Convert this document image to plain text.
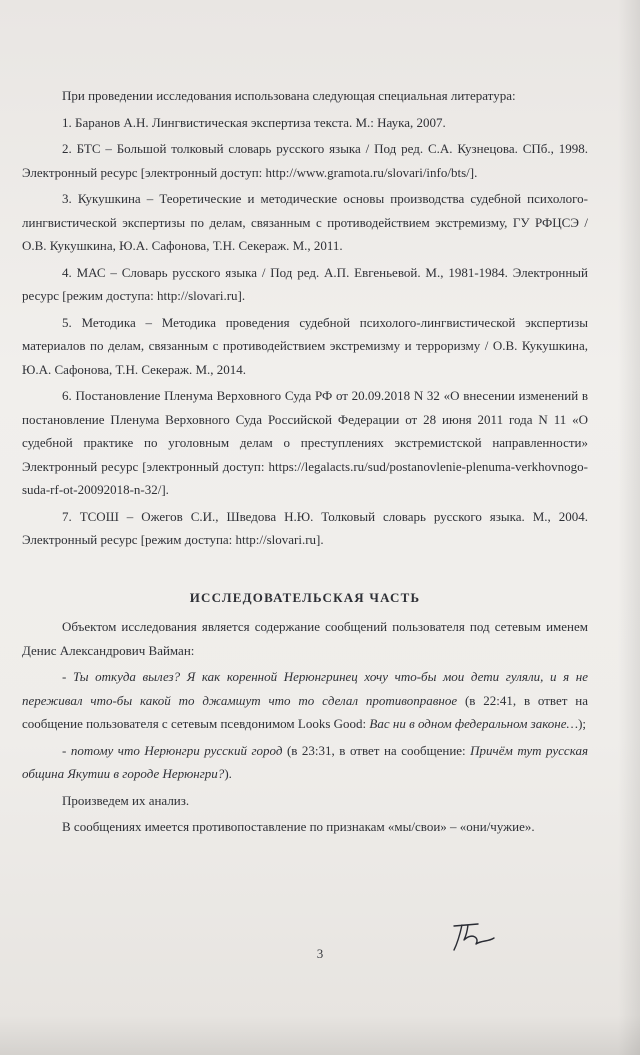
При проведении исследования использована следующая специальная литература:

1. Баранов А.Н. Лингвистическая экспертиза текста. М.: Наука, 2007.
2. БТС – Большой толковый словарь русского языка / Под ред. С.А. Кузнецова. СПб., 1998. Электронный ресурс [электронный доступ: http://www.gramota.ru/slovari/info/bts/].
3. Кукушкина – Теоретические и методические основы производства судебной психолого-лингвистической экспертизы по делам, связанным с противодействием экстремизму, ГУ РФЦСЭ / О.В. Кукушкина, Ю.А. Сафонова, Т.Н. Секераж. М., 2011.
4. МАС – Словарь русского языка / Под ред. А.П. Евгеньевой. М., 1981-1984. Электронный ресурс [режим доступа: http://slovari.ru].
5. Методика – Методика проведения судебной психолого-лингвистической экспертизы материалов по делам, связанным с противодействием экстремизму и терроризму / О.В. Кукушкина, Ю.А. Сафонова, Т.Н. Секераж. М., 2014.
6. Постановление Пленума Верховного Суда РФ от 20.09.2018 N 32 «О внесении изменений в постановление Пленума Верховного Суда Российской Федерации от 28 июня 2011 года N 11 «О судебной практике по уголовным делам о преступлениях экстремистской направленности» Электронный ресурс [электронный доступ: https://legalacts.ru/sud/postanovlenie-plenuma-verkhovnogo-suda-rf-ot-20092018-n-32/].
7. ТСОШ – Ожегов С.И., Шведова Н.Ю. Толковый словарь русского языка. М., 2004. Электронный ресурс [режим доступа: http://slovari.ru].
ИССЛЕДОВАТЕЛЬСКАЯ ЧАСТЬ

Объектом исследования является содержание сообщений пользователя под сетевым именем Денис Александрович Вайман:

- Ты откуда вылез? Я как коренной Нерюнгринец хочу что-бы мои дети гуляли, и я не переживал что-бы какой то джамшут что то сделал противоправное (в 22:41, в ответ на сообщение пользователя с сетевым псевдонимом Looks Good: Вас ни в одном федеральном законе…);

- потому что Нерюнгри русский город (в 23:31, в ответ на сообщение: Причём тут русская община Якутии в городе Нерюнгри?).

Произведем их анализ.

В сообщениях имеется противопоставление по признакам «мы/свои» – «они/чужие».

3
